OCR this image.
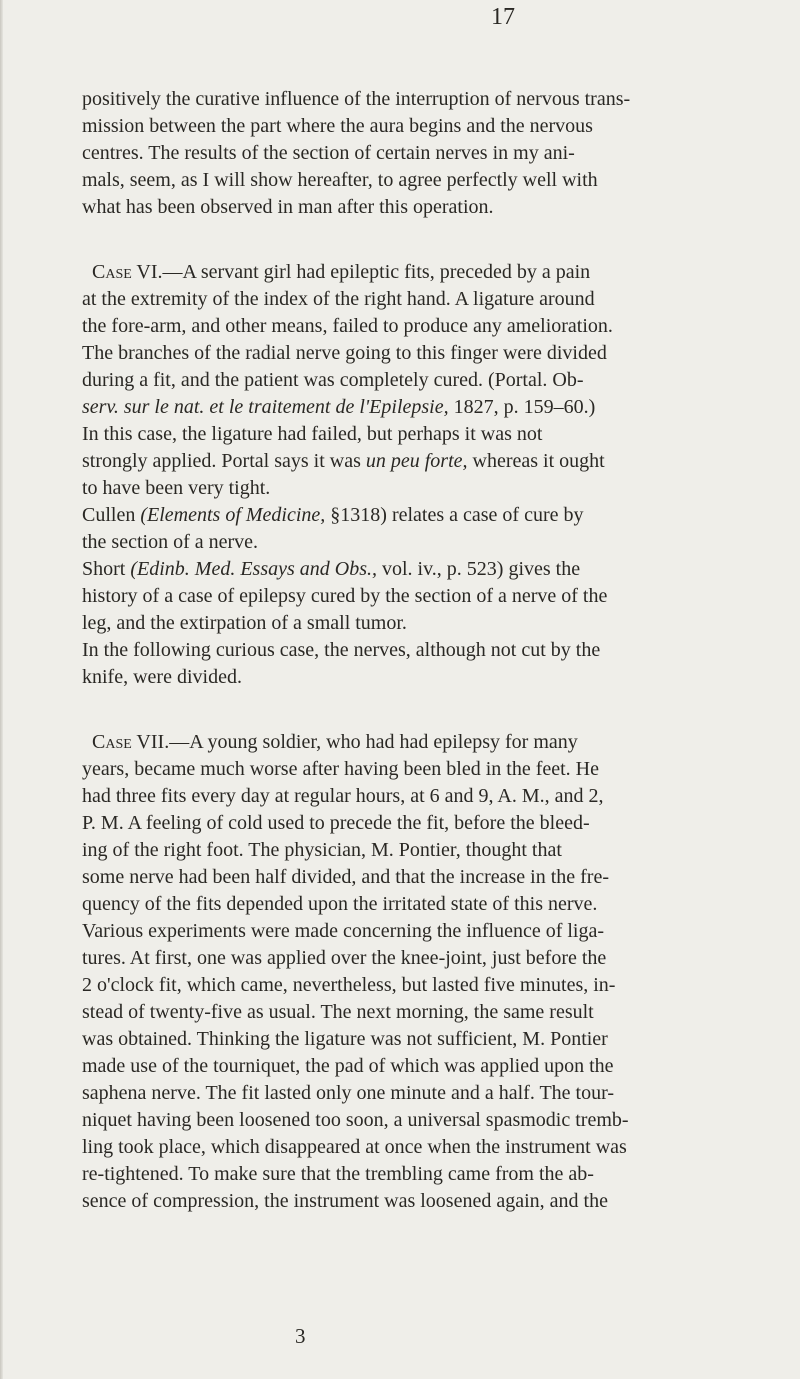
17

positively the curative influence of the interruption of nervous trans-

mission between the part where the aura begins and the nervous

centres. The results of the section of certain nerves in my ani-

mals, seem, as I will show hereafter, to agree perfectly well with

what has been observed in man after this operation.

Case VI.—A servant girl had epileptic fits, preceded by a pain

at the extremity of the index of the right hand. A ligature around

the fore-arm, and other means, failed to produce any amelioration.

The branches of the radial nerve going to this finger were divided

during a fit, and the patient was completely cured. (Portal. Ob-

serv. sur le nat. et le traitement de l'Epilepsie, 1827, p. 159–60.)

In this case, the ligature had failed, but perhaps it was not

strongly applied. Portal says it was un peu forte, whereas it ought

to have been very tight.

Cullen (Elements of Medicine, §1318) relates a case of cure by

the section of a nerve.

Short (Edinb. Med. Essays and Obs., vol. iv., p. 523) gives the

history of a case of epilepsy cured by the section of a nerve of the

leg, and the extirpation of a small tumor.

In the following curious case, the nerves, although not cut by the

knife, were divided.

Case VII.—A young soldier, who had had epilepsy for many

years, became much worse after having been bled in the feet. He

had three fits every day at regular hours, at 6 and 9, A. M., and 2,

P. M. A feeling of cold used to precede the fit, before the bleed-

ing of the right foot. The physician, M. Pontier, thought that

some nerve had been half divided, and that the increase in the fre-

quency of the fits depended upon the irritated state of this nerve.

Various experiments were made concerning the influence of liga-

tures. At first, one was applied over the knee-joint, just before the

2 o'clock fit, which came, nevertheless, but lasted five minutes, in-

stead of twenty-five as usual. The next morning, the same result

was obtained. Thinking the ligature was not sufficient, M. Pontier

made use of the tourniquet, the pad of which was applied upon the

saphena nerve. The fit lasted only one minute and a half. The tour-

niquet having been loosened too soon, a universal spasmodic tremb-

ling took place, which disappeared at once when the instrument was

re-tightened. To make sure that the trembling came from the ab-

sence of compression, the instrument was loosened again, and the

3
